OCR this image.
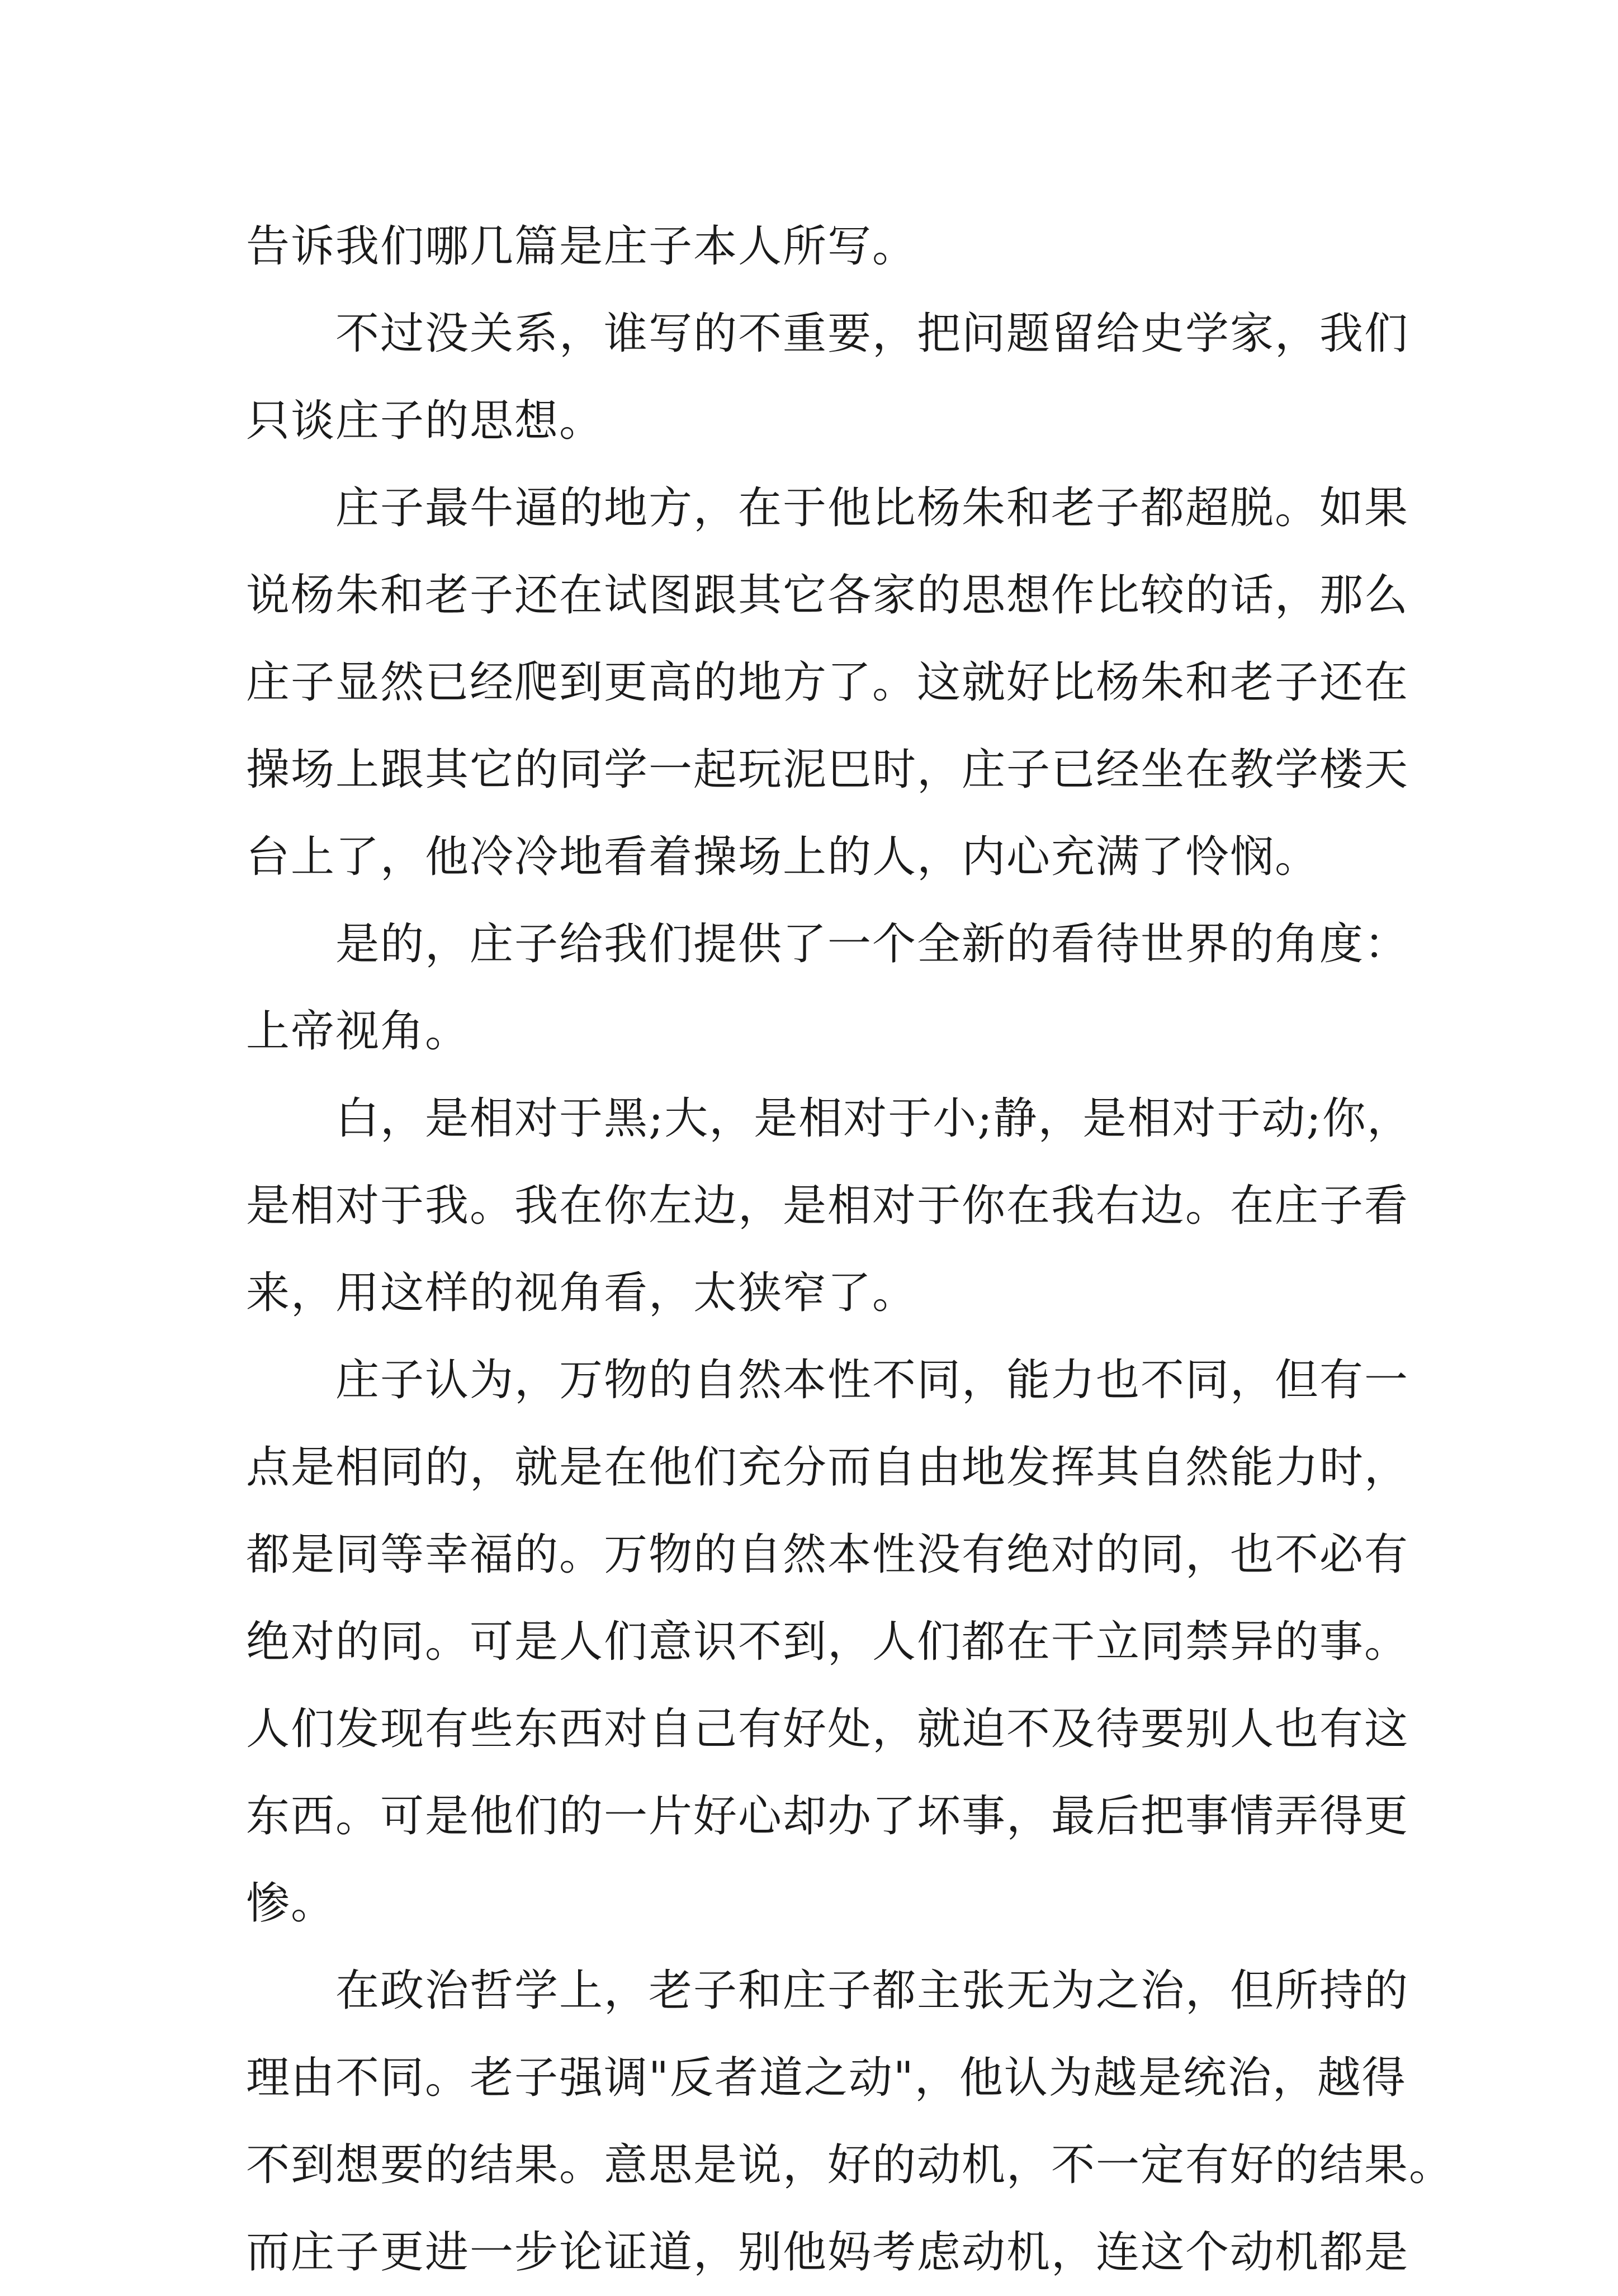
告诉我们哪几篇是庄子本人所写。
不过没关系，谁写的不重要，把问题留给史学家，我们
只谈庄子的思想。
庄子最牛逼的地方，在于他比杨朱和老子都超脱。如果
说杨朱和老子还在试图跟其它各家的思想作比较的话，那么
庄子显然已经爬到更高的地方了。这就好比杨朱和老子还在
操场上跟其它的同学一起玩泥巴时，庄子已经坐在教学楼天
台上了，他冷冷地看着操场上的人，内心充满了怜悯。
是的，庄子给我们提供了一个全新的看待世界的角度：
上帝视角。
白，是相对于黑;大，是相对于小;静，是相对于动;你，
是相对于我。我在你左边，是相对于你在我右边。在庄子看
来，用这样的视角看，太狭窄了。
庄子认为，万物的自然本性不同，能力也不同，但有一
点是相同的，就是在他们充分而自由地发挥其自然能力时，
都是同等幸福的。万物的自然本性没有绝对的同，也不必有
绝对的同。可是人们意识不到，人们都在干立同禁异的事。
人们发现有些东西对自己有好处，就迫不及待要别人也有这
东西。可是他们的一片好心却办了坏事，最后把事情弄得更
惨。
在政治哲学上，老子和庄子都主张无为之治，但所持的
理由不同。老子强调"反者道之动"，他认为越是统治，越得
不到想要的结果。意思是说，好的动机，不一定有好的结果。
而庄子更进一步论证道，别他妈考虑动机，连这个动机都是
